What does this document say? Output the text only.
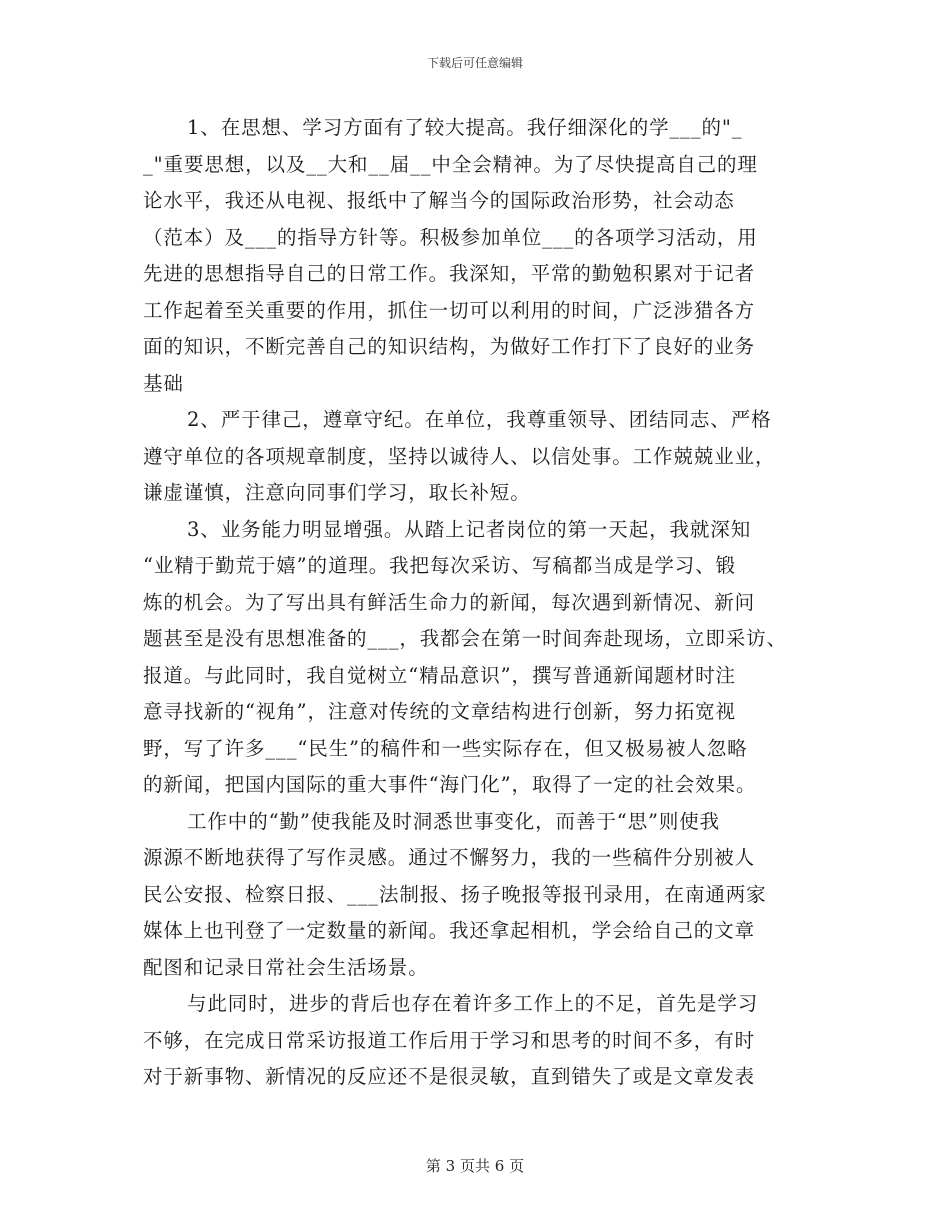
下载后可任意编辑
1、在思想、学习方面有了较大提高。我仔细深化的学___的"_
_"重要思想，以及__大和__届__中全会精神。为了尽快提高自己的理
论水平，我还从电视、报纸中了解当今的国际政治形势，社会动态
（范本）及___的指导方针等。积极参加单位___的各项学习活动，用
先进的思想指导自己的日常工作。我深知，平常的勤勉积累对于记者
工作起着至关重要的作用，抓住一切可以利用的时间，广泛涉猎各方
面的知识，不断完善自己的知识结构，为做好工作打下了良好的业务
基础
2、严于律己，遵章守纪。在单位，我尊重领导、团结同志、严格
遵守单位的各项规章制度，坚持以诚待人、以信处事。工作兢兢业业，
谦虚谨慎，注意向同事们学习，取长补短。
3、业务能力明显增强。从踏上记者岗位的第一天起，我就深知
“业精于勤荒于嬉”的道理。我把每次采访、写稿都当成是学习、锻
炼的机会。为了写出具有鲜活生命力的新闻，每次遇到新情况、新问
题甚至是没有思想准备的___，我都会在第一时间奔赴现场，立即采访、
报道。与此同时，我自觉树立“精品意识”，撰写普通新闻题材时注
意寻找新的“视角”，注意对传统的文章结构进行创新，努力拓宽视
野，写了许多___“民生”的稿件和一些实际存在，但又极易被人忽略
的新闻，把国内国际的重大事件“海门化”，取得了一定的社会效果。
工作中的“勤”使我能及时洞悉世事变化，而善于“思”则使我
源源不断地获得了写作灵感。通过不懈努力，我的一些稿件分别被人
民公安报、检察日报、___法制报、扬子晚报等报刊录用，在南通两家
媒体上也刊登了一定数量的新闻。我还拿起相机，学会给自己的文章
配图和记录日常社会生活场景。
与此同时，进步的背后也存在着许多工作上的不足，首先是学习
不够，在完成日常采访报道工作后用于学习和思考的时间不多，有时
对于新事物、新情况的反应还不是很灵敏，直到错失了或是文章发表
第 3 页共 6 页
